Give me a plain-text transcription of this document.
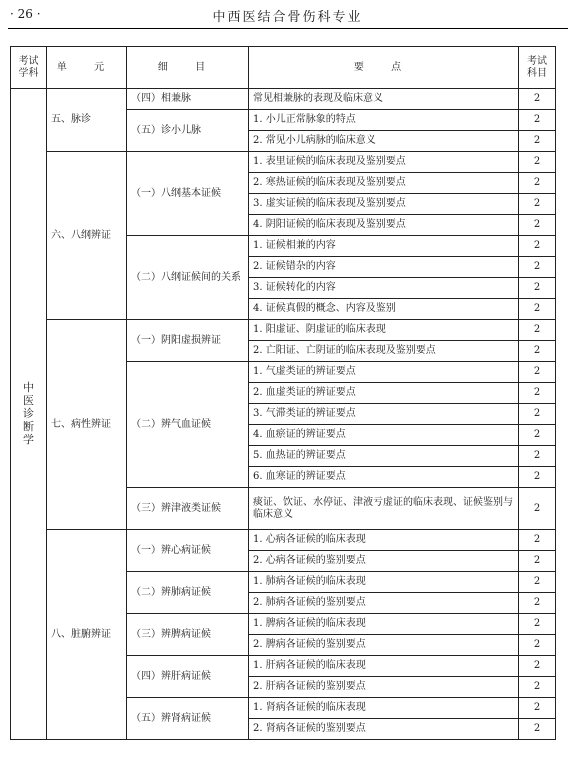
· 26 ·	中西医结合骨伤科专业
考试学科	单 元	细 目	要 点	考试科目
中医诊断学	五、脉诊	（四）相兼脉	常见相兼脉的表现及临床意义	2
		（五）诊小儿脉	1. 小儿正常脉象的特点	2
			2. 常见小儿病脉的临床意义	2
	六、八纲辨证	（一）八纲基本证候	1. 表里证候的临床表现及鉴别要点	2
			2. 寒热证候的临床表现及鉴别要点	2
			3. 虚实证候的临床表现及鉴别要点	2
			4. 阴阳证候的临床表现及鉴别要点	2
		（二）八纲证候间的关系	1. 证候相兼的内容	2
			2. 证候错杂的内容	2
			3. 证候转化的内容	2
			4. 证候真假的概念、内容及鉴别	2
	七、病性辨证	（一）阴阳虚损辨证	1. 阳虚证、阴虚证的临床表现	2
			2. 亡阳证、亡阴证的临床表现及鉴别要点	2
		（二）辨气血证候	1. 气虚类证的辨证要点	2
			2. 血虚类证的辨证要点	2
			3. 气滞类证的辨证要点	2
			4. 血瘀证的辨证要点	2
			5. 血热证的辨证要点	2
			6. 血寒证的辨证要点	2
		（三）辨津液类证候	痰证、饮证、水停证、津液亏虚证的临床表现、证候鉴别与临床意义	2
	八、脏腑辨证	（一）辨心病证候	1. 心病各证候的临床表现	2
			2. 心病各证候的鉴别要点	2
		（二）辨肺病证候	1. 肺病各证候的临床表现	2
			2. 肺病各证候的鉴别要点	2
		（三）辨脾病证候	1. 脾病各证候的临床表现	2
			2. 脾病各证候的鉴别要点	2
		（四）辨肝病证候	1. 肝病各证候的临床表现	2
			2. 肝病各证候的鉴别要点	2
		（五）辨肾病证候	1. 肾病各证候的临床表现	2
			2. 肾病各证候的鉴别要点	2
